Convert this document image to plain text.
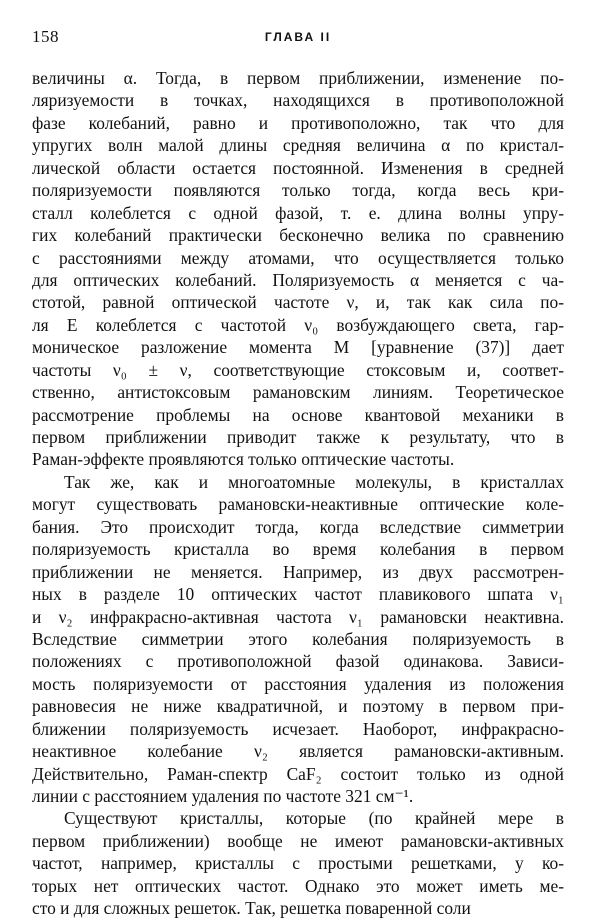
158	ГЛАВА II
величины α. Тогда, в первом приближении, изменение по-
ляризуемости в точках, находящихся в противоположной
фазе колебаний, равно и противоположно, так что для
упругих волн малой длины средняя величина α по кристал-
лической области остается постоянной. Изменения в средней
поляризуемости появляются только тогда, когда весь кри-
сталл колеблется с одной фазой, т. е. длина волны упру-
гих колебаний практически бесконечно велика по сравнению
с расстояниями между атомами, что осуществляется только
для оптических колебаний. Поляризуемость α меняется с ча-
стотой, равной оптической частоте ν, и, так как сила по-
ля E колеблется с частотой ν₀ возбуждающего света, гар-
моническое разложение момента M [уравнение (37)] дает
частоты ν₀ ± ν, соответствующие стоксовым и, соответ-
ственно, антистоксовым рамановским линиям. Теоретическое
рассмотрение проблемы на основе квантовой механики в
первом приближении приводит также к результату, что в
Раман-эффекте проявляются только оптические частоты.
Так же, как и многоатомные молекулы, в кристаллах
могут существовать рамановски-неактивные оптические коле-
бания. Это происходит тогда, когда вследствие симметрии
поляризуемость кристалла во время колебания в первом
приближении не меняется. Например, из двух рассмотрен-
ных в разделе 10 оптических частот плавикового шпата ν₁
и ν₂ инфракрасно-активная частота ν₁ рамановски неактивна.
Вследствие симметрии этого колебания поляризуемость в
положениях с противоположной фазой одинакова. Зависи-
мость поляризуемости от расстояния удаления из положения
равновесия не ниже квадратичной, и поэтому в первом при-
ближении поляризуемость исчезает. Наоборот, инфракрасно-
неактивное колебание ν₂ является рамановски-активным.
Действительно, Раман-спектр CaF₂ состоит только из одной
линии с расстоянием удаления по частоте 321 см⁻¹.
Существуют кристаллы, которые (по крайней мере в
первом приближении) вообще не имеют рамановски-активных
частот, например, кристаллы с простыми решетками, у ко-
торых нет оптических частот. Однако это может иметь ме-
сто и для сложных решеток. Так, решетка поваренной соли
